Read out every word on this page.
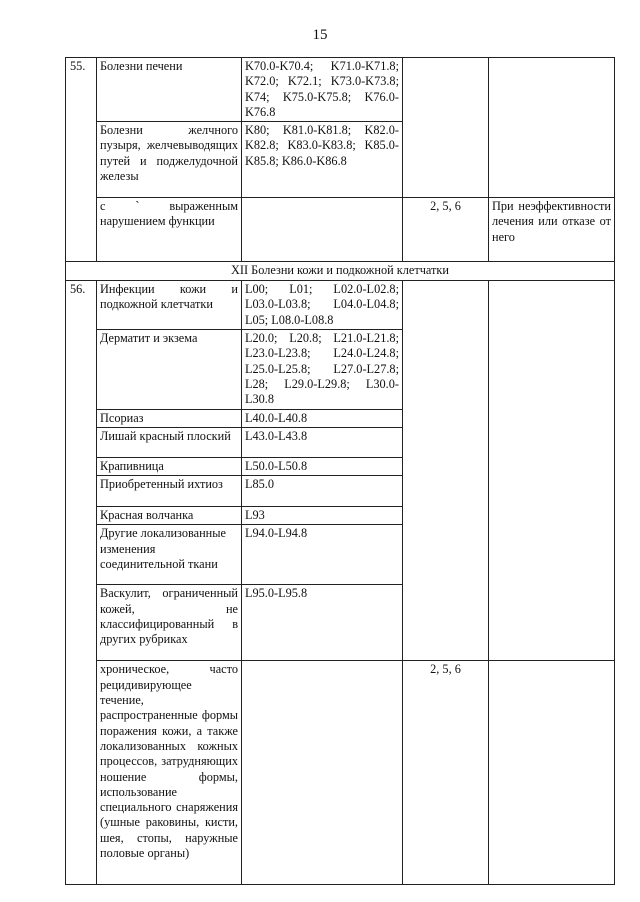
15
55.	Болезни печени	K70.0-K70.4; K71.0-K71.8; K72.0; K72.1; K73.0-K73.8; K74; K75.0-K75.8; K76.0-K76.8		
	Болезни желчного пузыря, желчевыводящих путей и поджелудочной железы	K80; K81.0-K81.8; K82.0-K82.8; K83.0-K83.8; K85.0-K85.8; K86.0-K86.8		
	с ` выраженным нарушением функции		2, 5, 6	При неэффективности лечения или отказе от него
XII Болезни кожи и подкожной клетчатки				
56.	Инфекции кожи и подкожной клетчатки	L00; L01; L02.0-L02.8; L03.0-L03.8; L04.0-L04.8; L05; L08.0-L08.8		
	Дерматит и экзема	L20.0; L20.8; L21.0-L21.8; L23.0-L23.8; L24.0-L24.8; L25.0-L25.8; L27.0-L27.8; L28; L29.0-L29.8; L30.0-L30.8		
	Псориаз	L40.0-L40.8		
	Лишай красный плоский	L43.0-L43.8		
	Крапивница	L50.0-L50.8		
	Приобретенный ихтиоз	L85.0		
	Красная волчанка	L93		
	Другие локализованные изменения соединительной ткани	L94.0-L94.8		
	Васкулит, ограниченный кожей, не классифицированный в других рубриках	L95.0-L95.8		
	хроническое, часто рецидивирующее течение, распространенные формы поражения кожи, а также локализованных кожных процессов, затрудняющих ношение формы, использование специального снаряжения (ушные раковины, кисти, шея, стопы, наружные половые органы)		2, 5, 6	
